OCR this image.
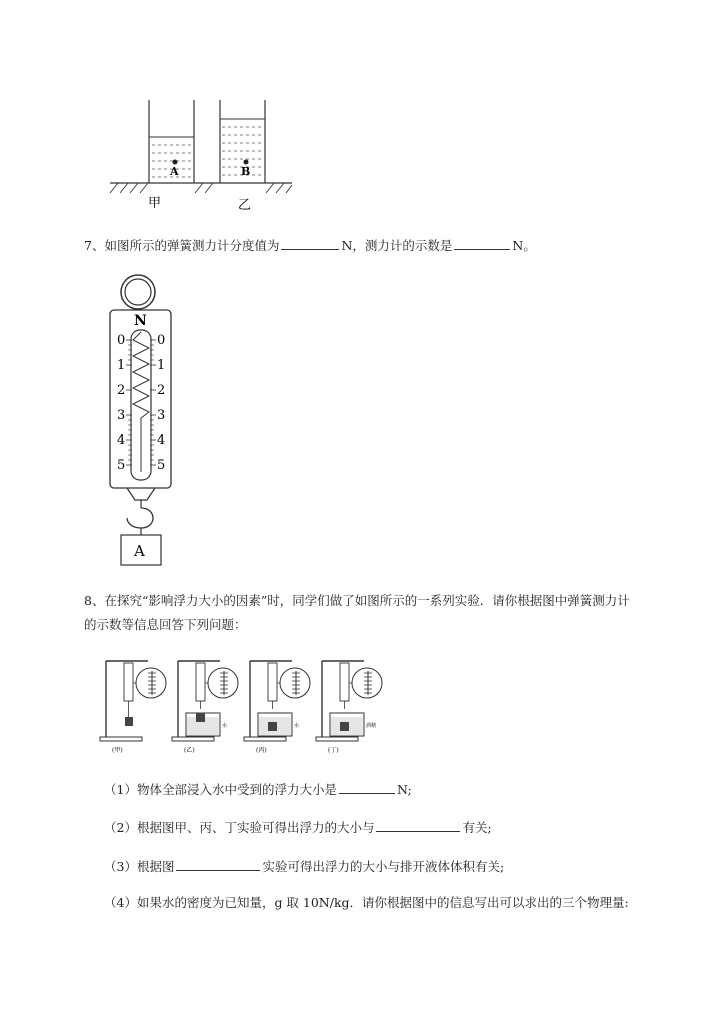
A	B
甲	乙
7、如图所示的弹簧测力计分度值为	N，测力计的示数是	N。
N
0
1
2
3
4
5
0
1
2
3
4
5
A
8、在探究“影响浮力大小的因素”时，同学们做了如图所示的一系列实验．请你根据图中弹簧测力计
的示数等信息回答下列问题：
(甲)
水
(乙)
水
(丙)
酒精
(丁)
（1）物体全部浸入水中受到的浮力大小是	N;
（2）根据图甲、丙、丁实验可得出浮力的大小与	有关;
（3）根据图	实验可得出浮力的大小与排开液体体积有关;
（4）如果水的密度为已知量，g 取 10N/kg．请你根据图中的信息写出可以求出的三个物理量:
